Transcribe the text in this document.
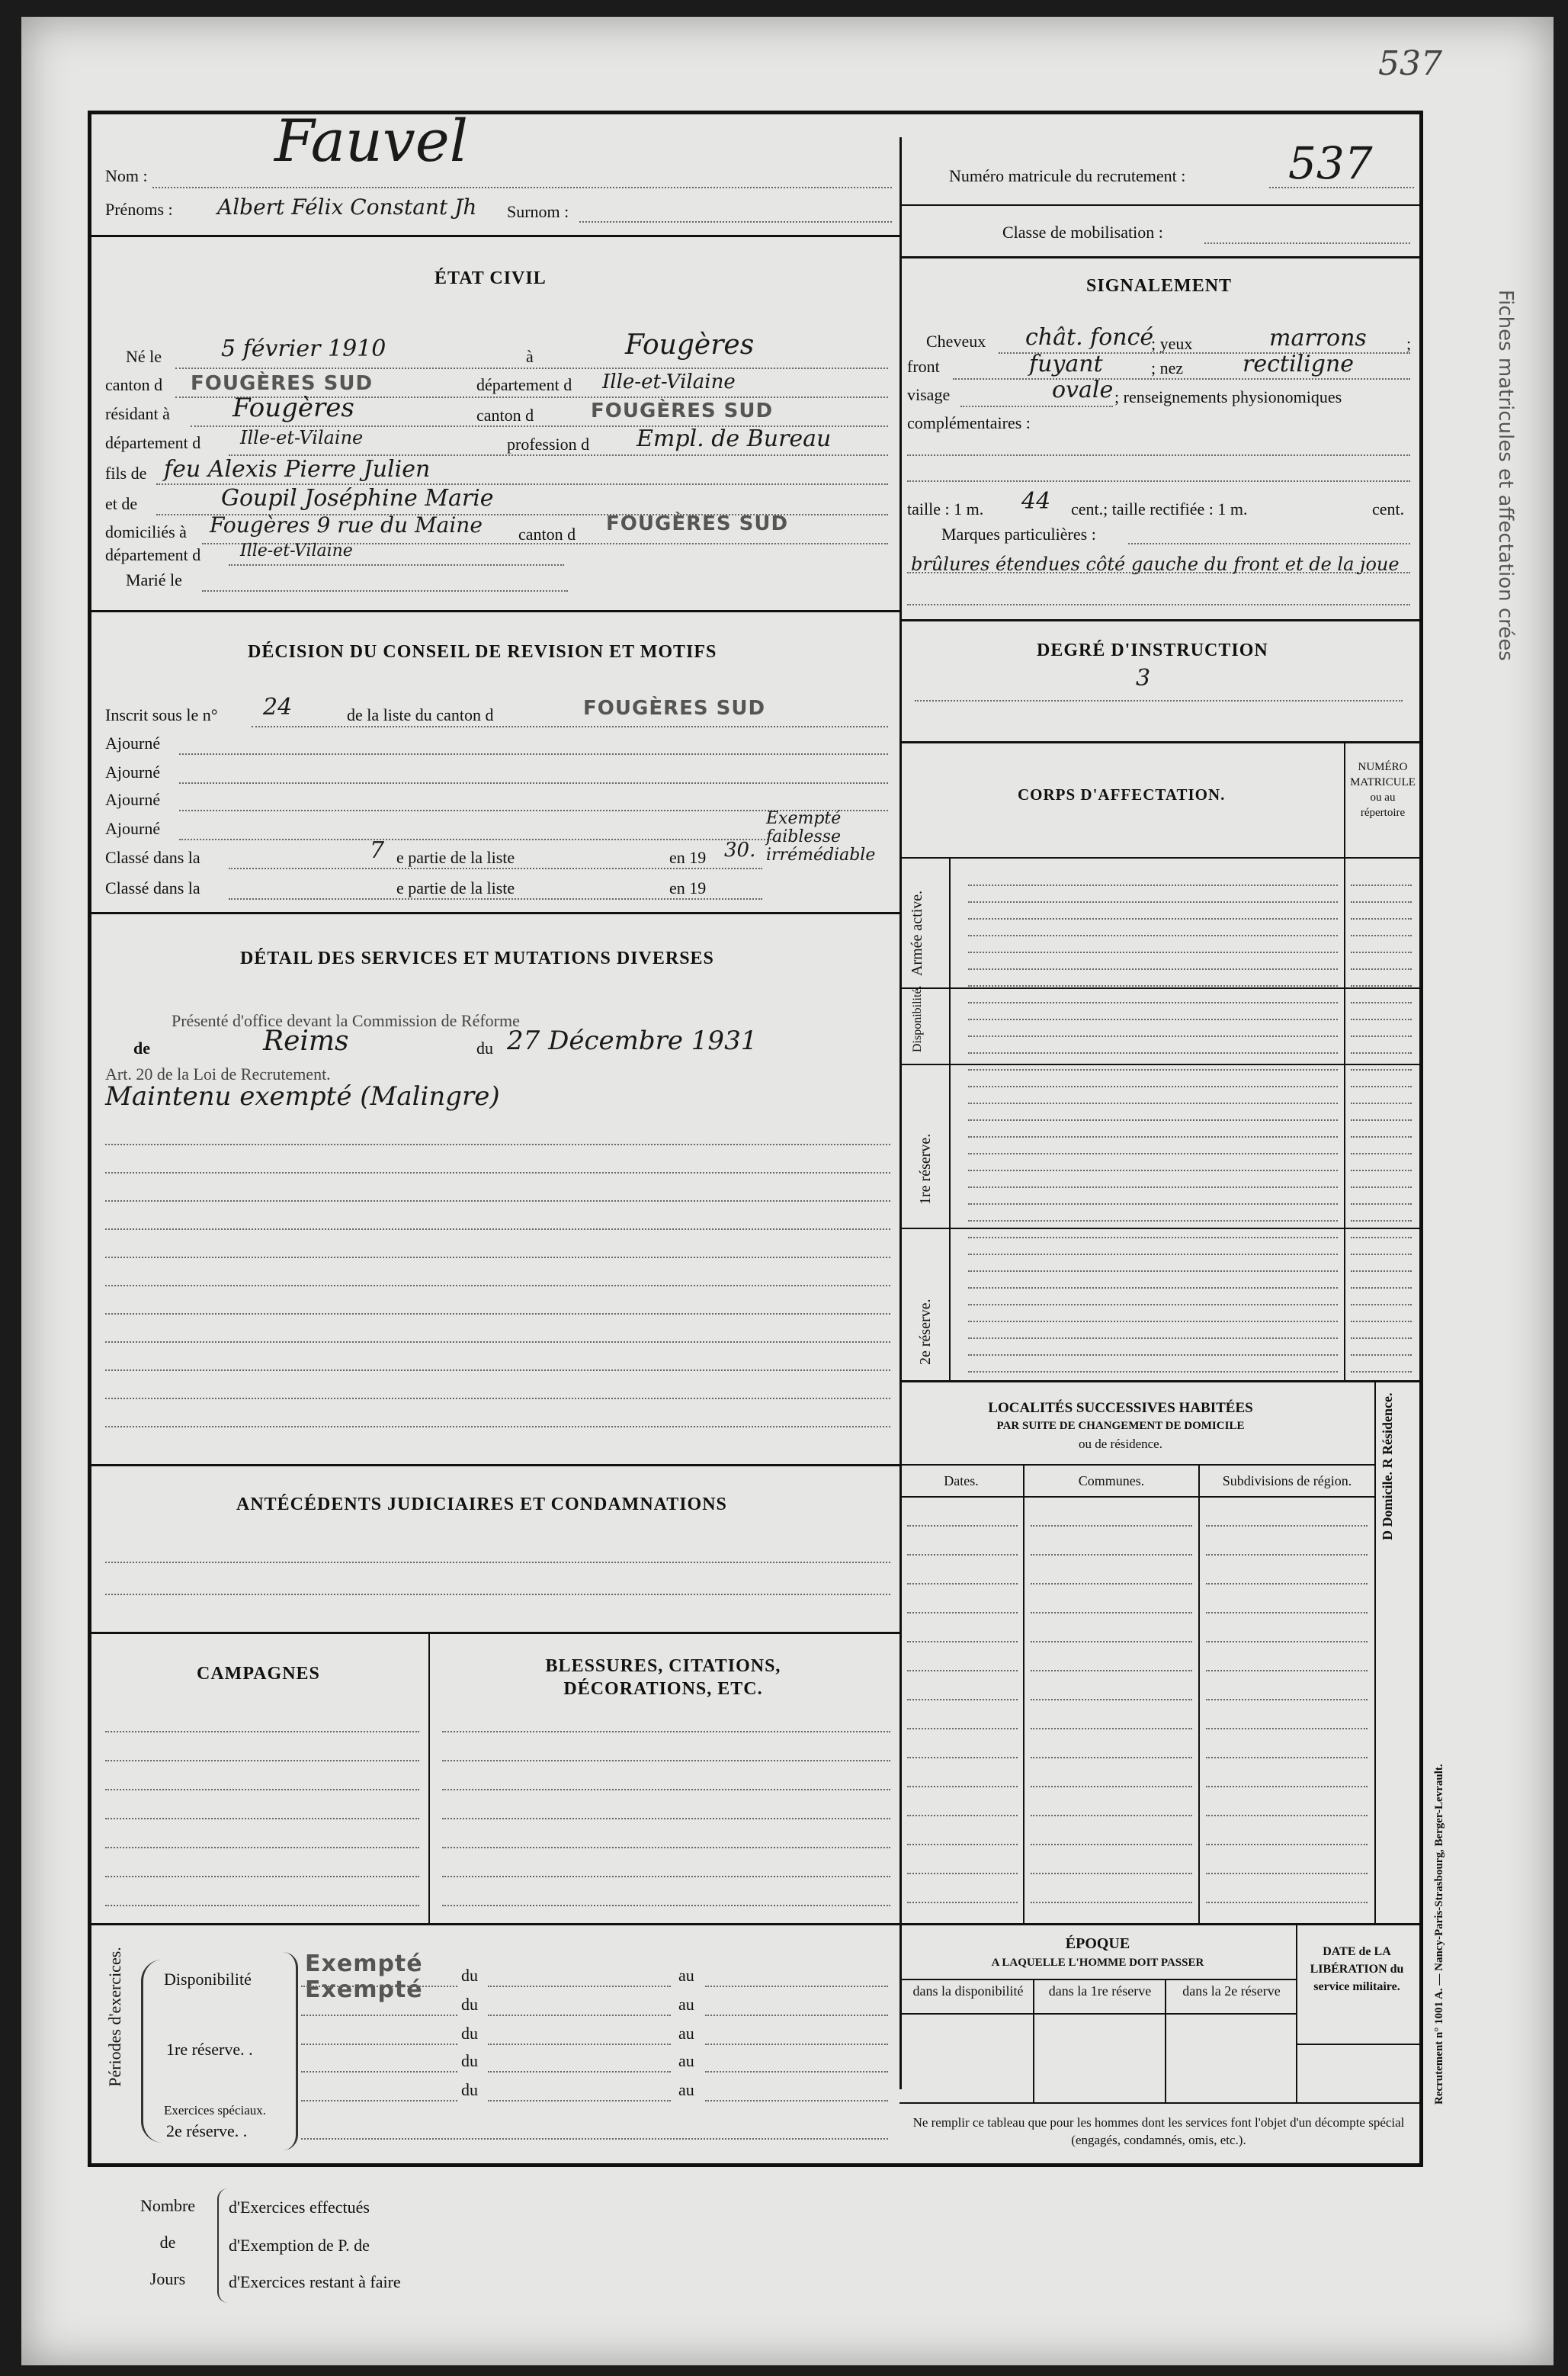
537
Fiches matricules et affectation crées
Recrutement n° 1001 A. — Nancy-Paris-Strasbourg, Berger-Levrault.
Nom :
Fauvel
Numéro matricule du recrutement : 537
Prénoms : Albert Félix Constant Jh Surnom :
Classe de mobilisation :
ÉTAT CIVIL
Né le	5 février 1910	à	Fougères
canton d FOUGÈRES SUD	département d Ille-et-Vilaine
résidant à Fougères	canton d	FOUGÈRES SUD
département d Ille-et-Vilaine	profession d Empl. de Bureau
fils de feu Alexis Pierre Julien
et de	Goupil Joséphine Marie
domiciliés à Fougères 9 rue du Maine canton d FOUGÈRES SUD
département d Ille-et-Vilaine
Marié le
SIGNALEMENT
Cheveux chât. foncé
; yeux	marrons ;
front	fuyant	; nez	rectiligne
visage	ovale ; renseignements physionomiques
complémentaires :
taille : 1 m. 44 cent.; taille rectifiée : 1 m.	cent.
Marques particulières :
brûlures étendues côté gauche du front et de la joue
DÉCISION DU CONSEIL DE REVISION ET MOTIFS
Inscrit sous le n° 24	de la liste du canton d	FOUGÈRES SUD
Ajourné
Ajourné
Ajourné
Ajourné
Classé dans la	7 e partie de la liste	en 19 30.
Exempté faiblesse irrémédiable
Classé dans la	e partie de la liste	en 19
DEGRÉ D'INSTRUCTION
3
CORPS D'AFFECTATION.
NUMÉRO MATRICULE ou au répertoire
Armée active.
Disponibilité.
1re réserve.
2e réserve.
DÉTAIL DES SERVICES ET MUTATIONS DIVERSES
Présenté d'office devant la Commission de Réforme
de	Reims	du 27 Décembre 1931
Art. 20 de la Loi de Recrutement.
Maintenu exempté (Malingre)
LOCALITÉS SUCCESSIVES HABITÉES
PAR SUITE DE CHANGEMENT DE DOMICILE
ou de résidence.	D Domicile. R Résidence.
Dates.	Communes.	Subdivisions de région.
ANTÉCÉDENTS JUDICIAIRES ET CONDAMNATIONS
CAMPAGNES	BLESSURES, CITATIONS, DÉCORATIONS, ETC.
Périodes d'exercices. Disponibilité
1re réserve. .
Exercices spéciaux.
2e réserve. .
Exempté
Exempté
du	au
du	au
du	au
du	au
du	au
ÉPOQUE
A LAQUELLE L'HOMME DOIT PASSER
dans la disponibilité	dans la 1re réserve	dans la 2e réserve
DATE de LA LIBÉRATION du service militaire.
Ne remplir ce tableau que pour les hommes dont les services font l'objet d'un décompte spécial (engagés, condamnés, omis, etc.).
Nombre
de
Jours
d'Exercices effectués
d'Exemption de P. de
d'Exercices restant à faire
